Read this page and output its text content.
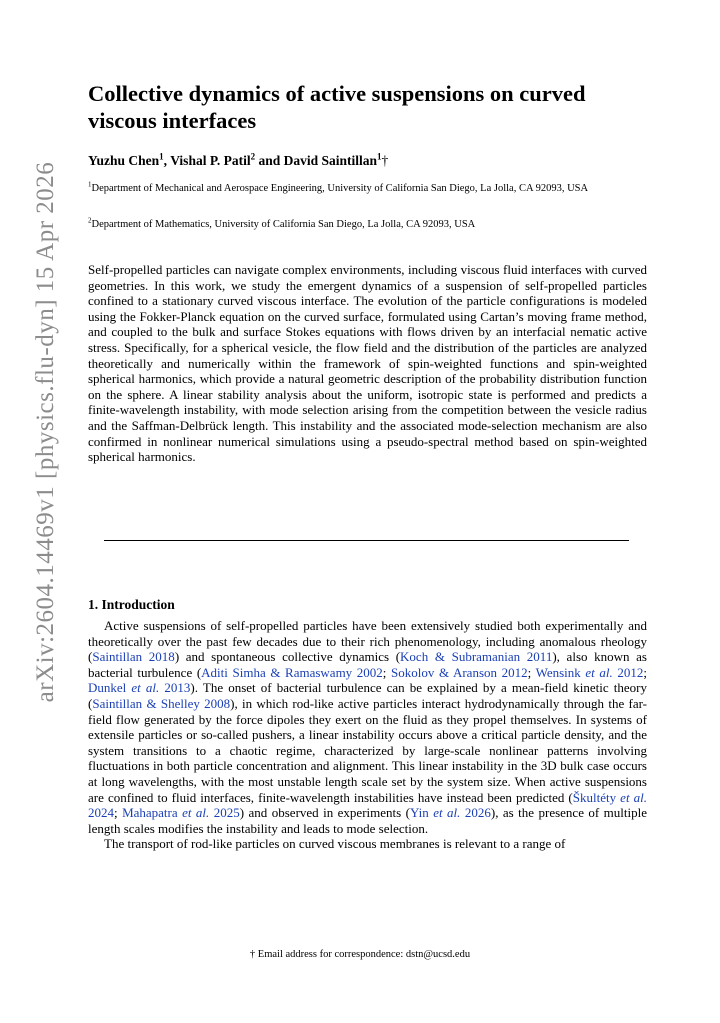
arXiv:2604.14469v1 [physics.flu-dyn] 15 Apr 2026
Collective dynamics of active suspensions on curved viscous interfaces
Yuzhu Chen$^1$, Vishal P. Patil$^2$ and David Saintillan$^1$†
$^1$Department of Mechanical and Aerospace Engineering, University of California San Diego, La Jolla, CA 92093, USA
$^2$Department of Mathematics, University of California San Diego, La Jolla, CA 92093, USA

Self-propelled particles can navigate complex environments, including viscous fluid interfaces with curved geometries. In this work, we study the emergent dynamics of a suspension of self-propelled particles confined to a stationary curved viscous interface. The evolution of the particle configurations is modeled using the Fokker-Planck equation on the curved surface, formulated using Cartan’s moving frame method, and coupled to the bulk and surface Stokes equations with flows driven by an interfacial nematic active stress. Specifically, for a spherical vesicle, the flow field and the distribution of the particles are analyzed theoretically and numerically within the framework of spin-weighted functions and spin-weighted spherical harmonics, which provide a natural geometric description of the probability distribution function on the sphere. A linear stability analysis about the uniform, isotropic state is performed and predicts a finite-wavelength instability, with mode selection arising from the competition between the vesicle radius and the Saffman-Delbrück length. This instability and the associated mode-selection mechanism are also confirmed in nonlinear numerical simulations using a pseudo-spectral method based on spin-weighted spherical harmonics.

1. Introduction

Active suspensions of self-propelled particles have been extensively studied both experimentally and theoretically over the past few decades due to their rich phenomenology, including anomalous rheology (Saintillan 2018) and spontaneous collective dynamics (Koch & Subramanian 2011), also known as bacterial turbulence (Aditi Simha & Ramaswamy 2002; Sokolov & Aranson 2012; Wensink et al. 2012; Dunkel et al. 2013). The onset of bacterial turbulence can be explained by a mean-field kinetic theory (Saintillan & Shelley 2008), in which rod-like active particles interact hydrodynamically through the far-field flow generated by the force dipoles they exert on the fluid as they propel themselves. In systems of extensile particles or so-called pushers, a linear instability occurs above a critical particle density, and the system transitions to a chaotic regime, characterized by large-scale nonlinear patterns involving fluctuations in both particle concentration and alignment. This linear instability in the 3D bulk case occurs at long wavelengths, with the most unstable length scale set by the system size. When active suspensions are confined to fluid interfaces, finite-wavelength instabilities have instead been predicted (Škultéty et al. 2024; Mahapatra et al. 2025) and observed in experiments (Yin et al. 2026), as the presence of multiple length scales modifies the instability and leads to mode selection.

The transport of rod-like particles on curved viscous membranes is relevant to a range of

† Email address for correspondence: dstn@ucsd.edu
